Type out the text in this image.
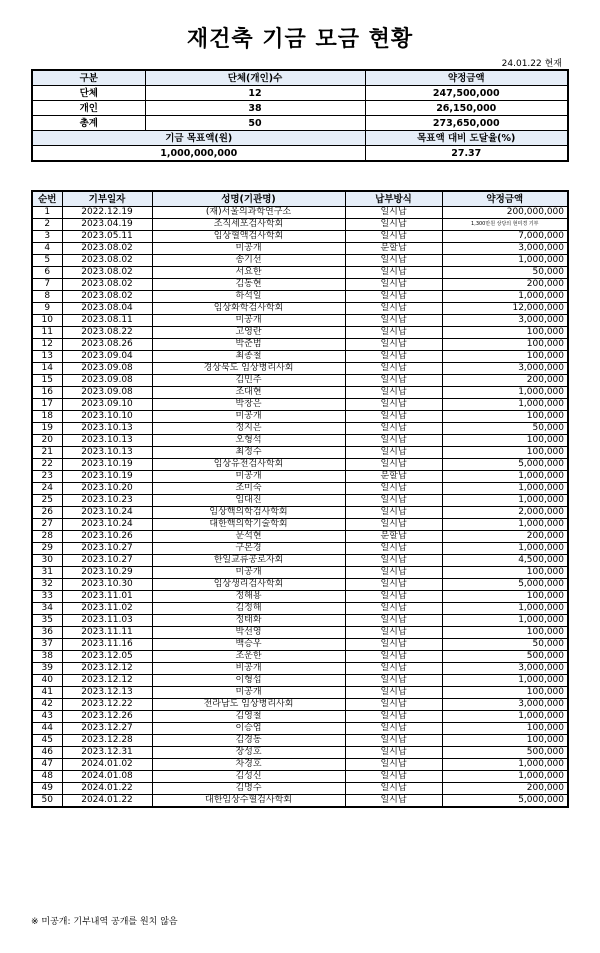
재건축 기금 모금 현황
24.01.22 현재
구분	단체(개인)수	약정금액
단체	12	247,500,000
개인	38	26,150,000
총계	50	273,650,000
기금 목표액(원)		목표액 대비 도달율(%)
1,000,000,000		27.37
순번	기부일자	성명(기관명)	납부방식	약정금액
1	2022.12.19	(재)서울의과학연구소	일시납	200,000,000
2	2023.04.19	조직세포검사학회	일시납	1,300만원 상당의 현미경 기부
3	2023.05.11	임상혈액검사학회	일시납	7,000,000
4	2023.08.02	미공개	분할납	3,000,000
5	2023.08.02	송기선	일시납	1,000,000
6	2023.08.02	서요한	일시납	50,000
7	2023.08.02	김동현	일시납	200,000
8	2023.08.02	하석일	일시납	1,000,000
9	2023.08.04	임상화학검사학회	일시납	12,000,000
10	2023.08.11	미공개	일시납	3,000,000
11	2023.08.22	고영란	일시납	100,000
12	2023.08.26	박준범	일시납	100,000
13	2023.09.04	최종철	일시납	100,000
14	2023.09.08	경상북도 임상병리사회	일시납	3,000,000
15	2023.09.08	김민주	일시납	200,000
16	2023.09.08	조대현	일시납	1,000,000
17	2023.09.10	박창은	일시납	1,000,000
18	2023.10.10	미공개	일시납	100,000
19	2023.10.13	정지은	일시납	50,000
20	2023.10.13	오형석	일시납	100,000
21	2023.10.13	최정수	일시납	100,000
22	2023.10.19	임상유전검사학회	일시납	5,000,000
23	2023.10.19	미공개	분할납	1,000,000
24	2023.10.20	조미숙	일시납	1,000,000
25	2023.10.23	임대진	일시납	1,000,000
26	2023.10.24	임상핵의학검사학회	일시납	2,000,000
27	2023.10.24	대한핵의학기술학회	일시납	1,000,000
28	2023.10.26	문석현	분할납	200,000
29	2023.10.27	구본경	일시납	1,000,000
30	2023.10.27	한일교류공로자회	일시납	4,500,000
31	2023.10.29	미공개	일시납	100,000
32	2023.10.30	임상생리검사학회	일시납	5,000,000
33	2023.11.01	정해용	일시납	100,000
34	2023.11.02	김정해	일시납	1,000,000
35	2023.11.03	정태화	일시납	1,000,000
36	2023.11.11	박선영	일시납	100,000
37	2023.11.16	백승우	일시납	50,000
38	2023.12.05	조운한	일시납	500,000
39	2023.12.12	비공개	일시납	3,000,000
40	2023.12.12	이형섭	일시납	1,000,000
41	2023.12.13	미공개	일시납	100,000
42	2023.12.22	전라남도 임상병리사회	일시납	3,000,000
43	2023.12.26	김영철	일시납	1,000,000
44	2023.12.27	이승엽	일시납	100,000
45	2023.12.28	김경동	일시납	100,000
46	2023.12.31	장성호	일시납	500,000
47	2024.01.02	차경호	일시납	1,000,000
48	2024.01.08	김성신	일시납	1,000,000
49	2024.01.22	김명수	일시납	200,000
50	2024.01.22	대한임상수혈검사학회	일시납	5,000,000
※ 미공개: 기부내역 공개를 원치 않음
